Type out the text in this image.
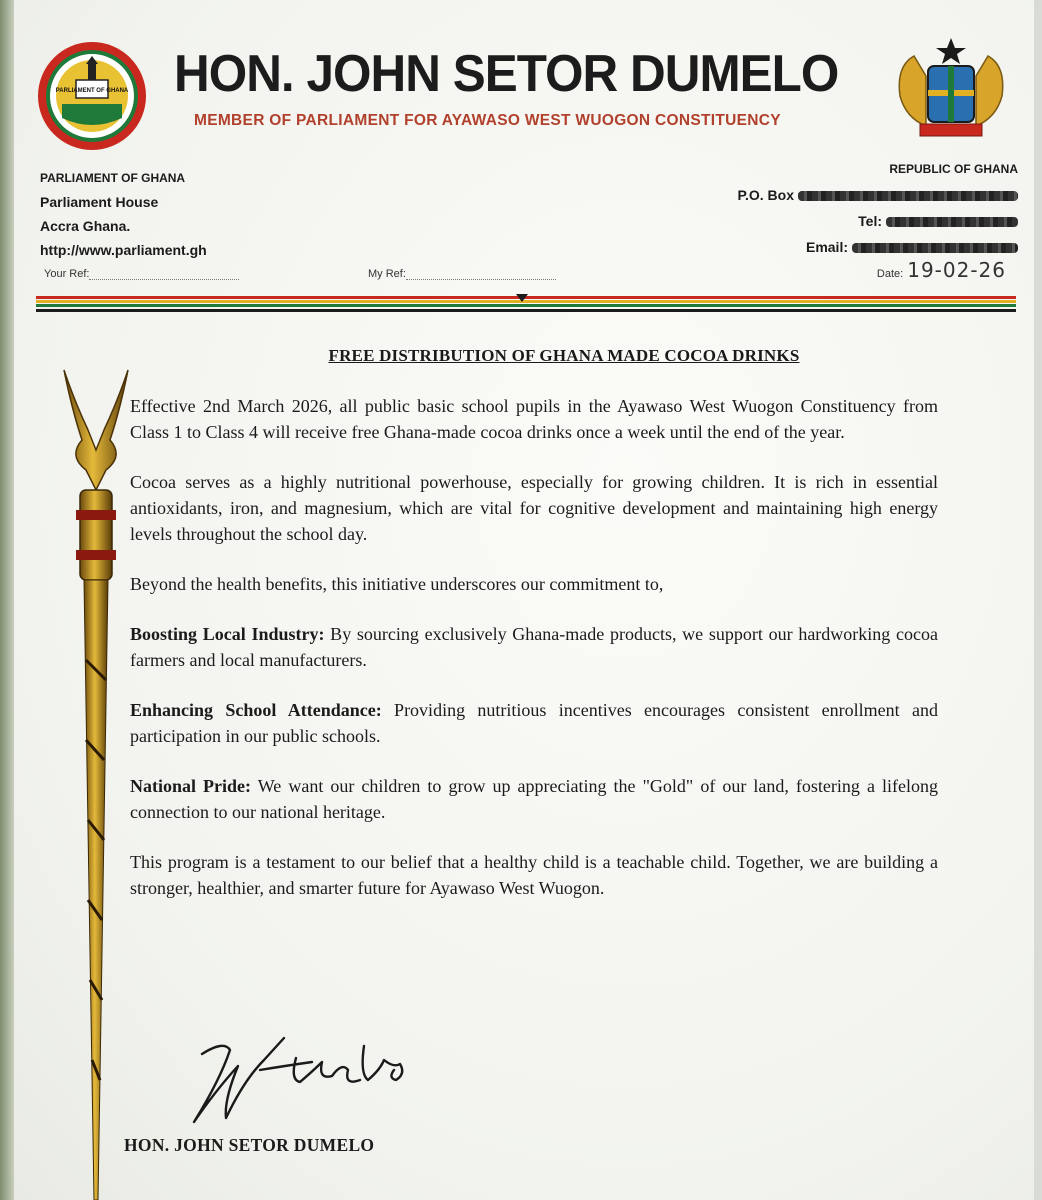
PARLIAMENT OF GHANA HON. JOHN SETOR DUMELO
MEMBER OF PARLIAMENT FOR AYAWASO WEST WUOGON CONSTITUENCY
PARLIAMENT OF GHANA
Parliament House
Accra Ghana.
http://www.parliament.gh
REPUBLIC OF GHANA
P.O. Box
Tel:
Email:
Your Ref:	My Ref:	Date: 19-02-26
FREE DISTRIBUTION OF GHANA MADE COCOA DRINKS

Effective 2nd March 2026, all public basic school pupils in the Ayawaso West Wuogon Constituency from Class 1 to Class 4 will receive free Ghana-made cocoa drinks once a week until the end of the year.

Cocoa serves as a highly nutritional powerhouse, especially for growing children. It is rich in essential antioxidants, iron, and magnesium, which are vital for cognitive development and maintaining high energy levels throughout the school day.

Beyond the health benefits, this initiative underscores our commitment to,

Boosting Local Industry: By sourcing exclusively Ghana-made products, we support our hardworking cocoa farmers and local manufacturers.

Enhancing School Attendance: Providing nutritious incentives encourages consistent enrollment and participation in our public schools.

National Pride: We want our children to grow up appreciating the "Gold" of our land, fostering a lifelong connection to our national heritage.

This program is a testament to our belief that a healthy child is a teachable child. Together, we are building a stronger, healthier, and smarter future for Ayawaso West Wuogon.

HON. JOHN SETOR DUMELO
